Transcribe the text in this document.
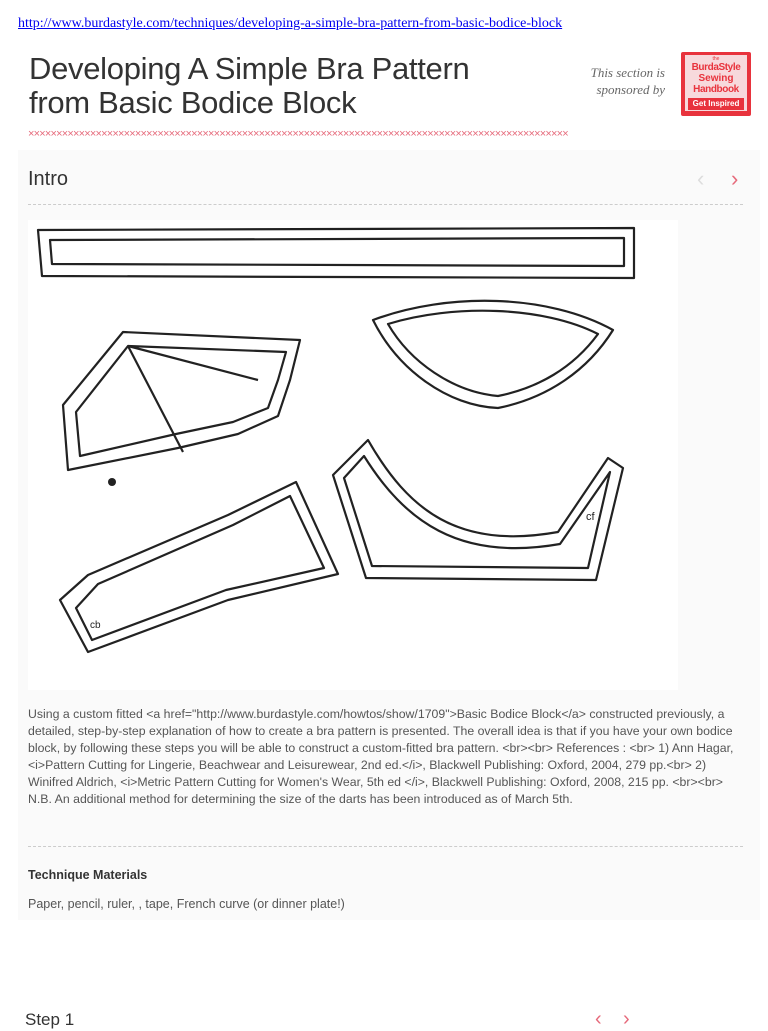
http://www.burdastyle.com/techniques/developing-a-simple-bra-pattern-from-basic-bodice-block
Developing A Simple Bra Pattern from Basic Bodice Block
This section is sponsored by
the
BurdaStyle
Sewing
Handbook
Get Inspired
××××××××××××××××××××××××××××××××××××××××××××××××××××××××××××××××××××××××××××××××××××××××××××××××
Intro	‹ ›
cf
cb

Using a custom fitted <a href="http://www.burdastyle.com/howtos/show/1709">Basic Bodice Block</a> constructed previously, a detailed, step-by-step explanation of how to create a bra pattern is presented. The overall idea is that if you have your own bodice block, by following these steps you will be able to construct a custom-fitted bra pattern. <br><br> References : <br> 1) Ann Hagar, <i>Pattern Cutting for Lingerie, Beachwear and Leisurewear, 2nd ed.</i>, Blackwell Publishing: Oxford, 2004, 279 pp.<br> 2) Winifred Aldrich, <i>Metric Pattern Cutting for Women's Wear, 5th ed </i>, Blackwell Publishing: Oxford, 2008, 215 pp. <br><br> N.B. An additional method for determining the size of the darts has been introduced as of March 5th.

Technique Materials
Paper, pencil, ruler, , tape, French curve (or dinner plate!)
Step 1	‹ ›
